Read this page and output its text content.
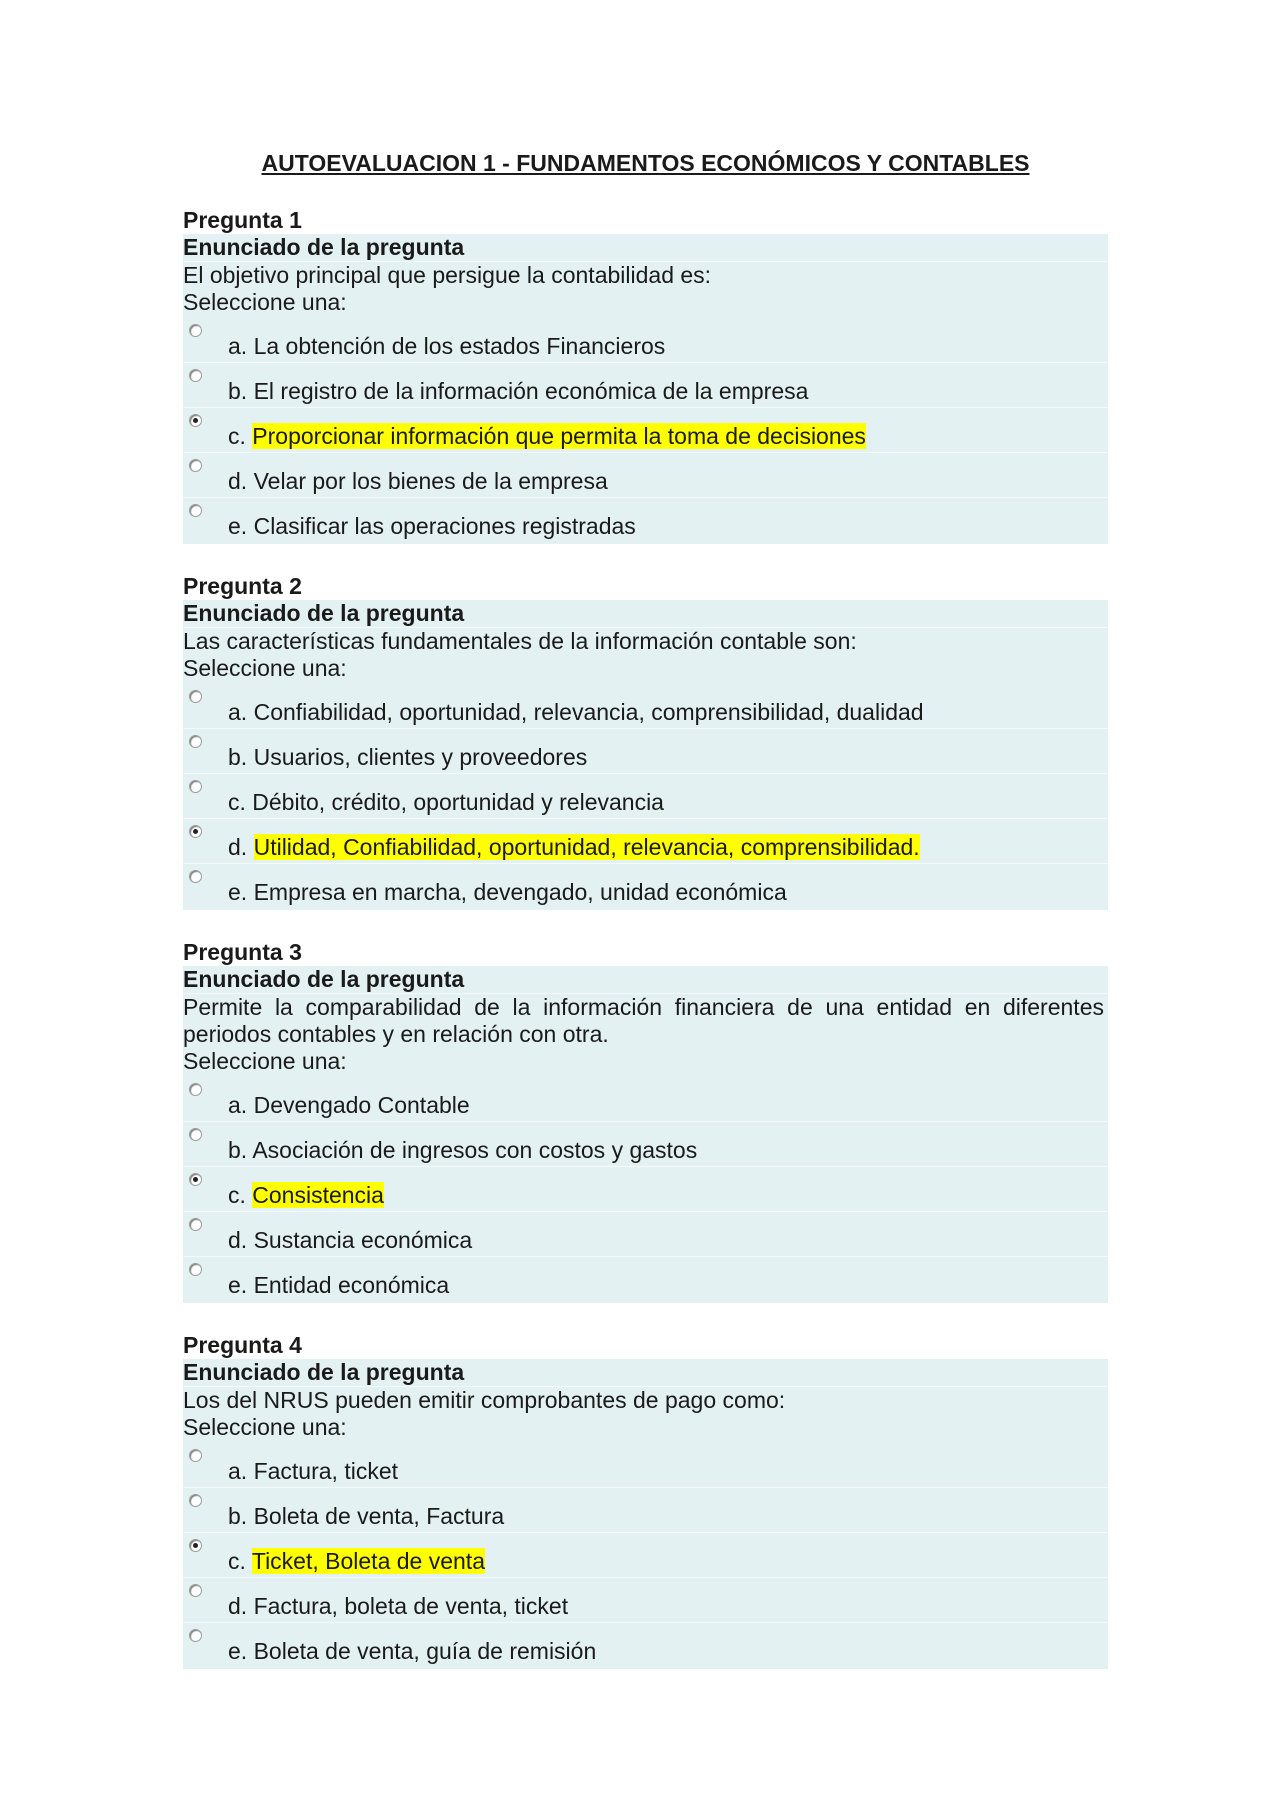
AUTOEVALUACION 1 - FUNDAMENTOS ECONÓMICOS Y CONTABLES
Pregunta 1
Enunciado de la pregunta
El objetivo principal que persigue la contabilidad es:
Seleccione una:
a. La obtención de los estados Financieros
b. El registro de la información económica de la empresa
c. Proporcionar información que permita la toma de decisiones
d. Velar por los bienes de la empresa
e. Clasificar las operaciones registradas
Pregunta 2
Enunciado de la pregunta
Las características fundamentales de la información contable son:
Seleccione una:
a. Confiabilidad, oportunidad, relevancia, comprensibilidad, dualidad
b. Usuarios, clientes y proveedores
c. Débito, crédito, oportunidad y relevancia
d. Utilidad, Confiabilidad, oportunidad, relevancia, comprensibilidad.
e. Empresa en marcha, devengado, unidad económica
Pregunta 3
Enunciado de la pregunta
Permite la comparabilidad de la información financiera de una entidad en diferentes periodos contables y en relación con otra.
Seleccione una:
a. Devengado Contable
b. Asociación de ingresos con costos y gastos
c. Consistencia
d. Sustancia económica
e. Entidad económica
Pregunta 4
Enunciado de la pregunta
Los del NRUS pueden emitir comprobantes de pago como:
Seleccione una:
a. Factura, ticket
b. Boleta de venta, Factura
c. Ticket, Boleta de venta
d. Factura, boleta de venta, ticket
e. Boleta de venta, guía de remisión
